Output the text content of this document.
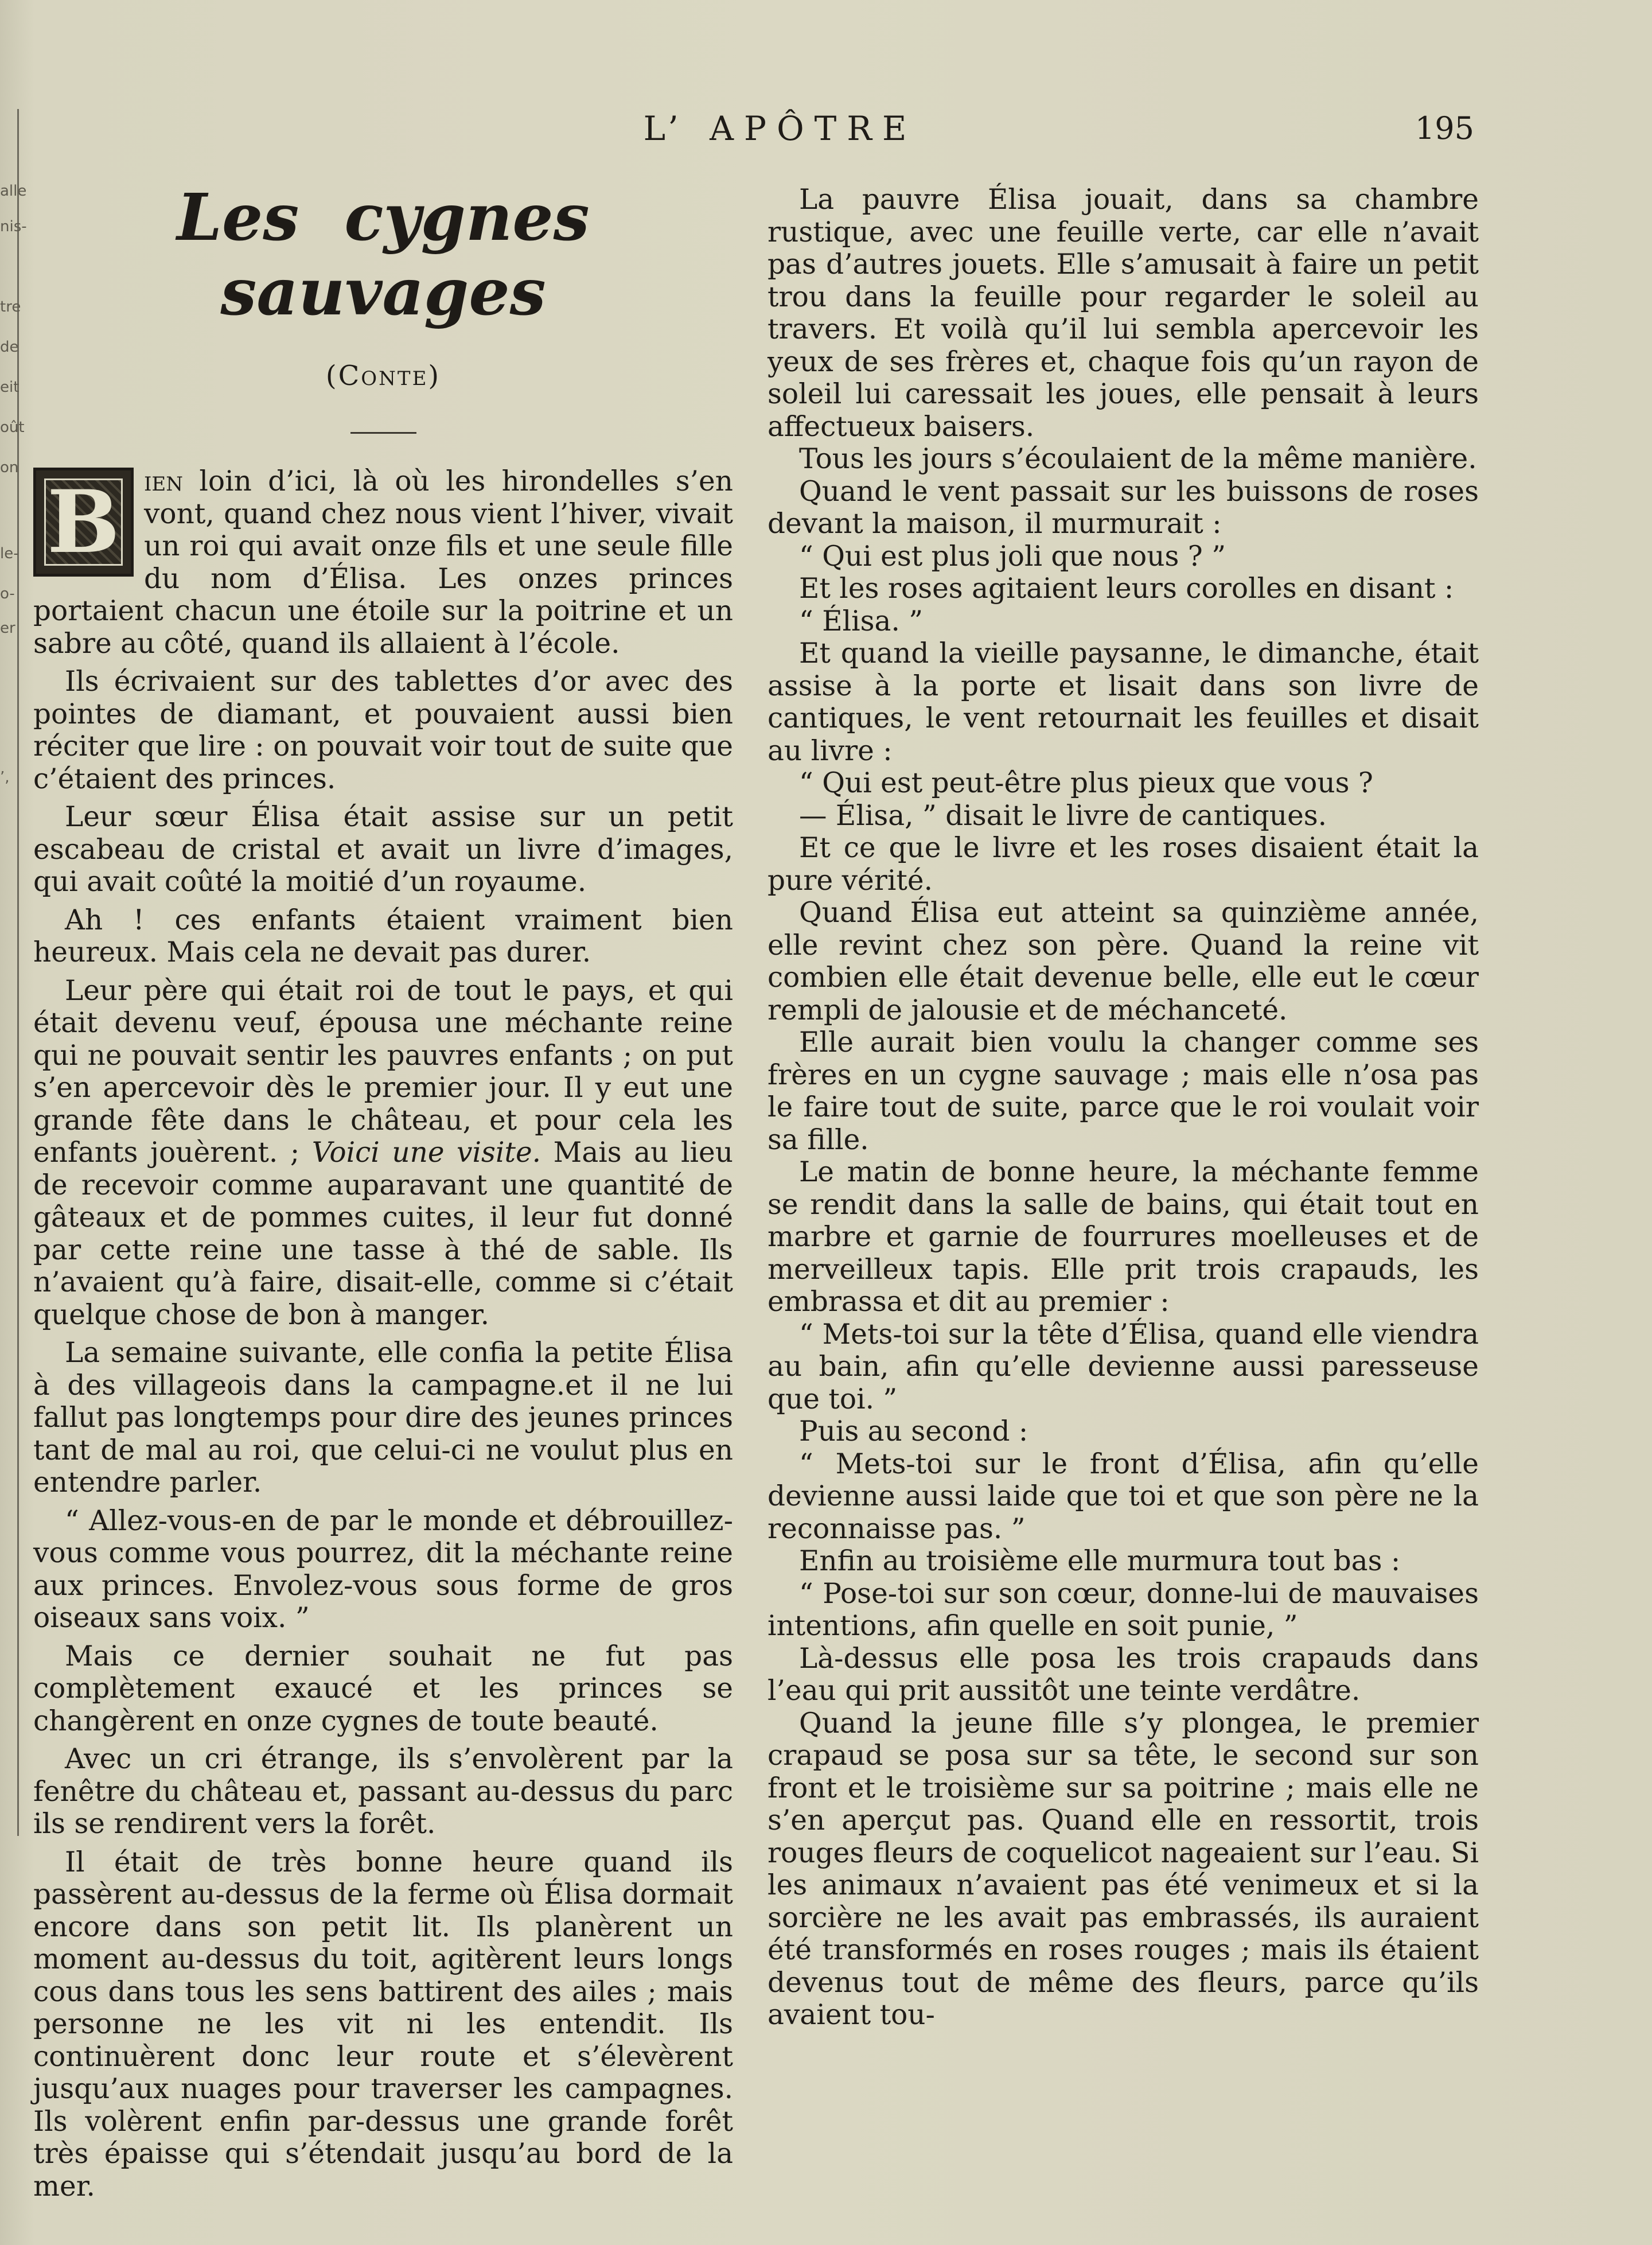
alle
nis-
tre
de
eit
oût
on
le-
o-
er
’,
L’ APÔTRE	195
Les cygnes sauvages
(Conte)

B ien loin d’ici, là où les hirondelles s’en vont, quand chez nous vient l’hiver, vivait un roi qui avait onze fils et une seule fille du nom d’Élisa. Les onzes princes portaient chacun une étoile sur la poitrine et un sabre au côté, quand ils allaient à l’école.

Ils écrivaient sur des tablettes d’or avec des pointes de diamant, et pouvaient aussi bien réciter que lire : on pouvait voir tout de suite que c’étaient des princes.

Leur sœur Élisa était assise sur un petit escabeau de cristal et avait un livre d’images, qui avait coûté la moitié d’un royaume.

Ah ! ces enfants étaient vraiment bien heureux. Mais cela ne devait pas durer.

Leur père qui était roi de tout le pays, et qui était devenu veuf, épousa une méchante reine qui ne pouvait sentir les pauvres enfants ; on put s’en apercevoir dès le premier jour. Il y eut une grande fête dans le château, et pour cela les enfants jouèrent. ; Voici une visite. Mais au lieu de recevoir comme auparavant une quantité de gâteaux et de pommes cuites, il leur fut donné par cette reine une tasse à thé de sable. Ils n’avaient qu’à faire, disait-elle, comme si c’était quelque chose de bon à manger.

La semaine suivante, elle confia la petite Élisa à des villageois dans la campagne.et il ne lui fallut pas longtemps pour dire des jeunes princes tant de mal au roi, que celui-ci ne voulut plus en entendre parler.

“ Allez-vous-en de par le monde et débrouillez-vous comme vous pourrez, dit la méchante reine aux princes. Envolez-vous sous forme de gros oiseaux sans voix. ”

Mais ce dernier souhait ne fut pas complètement exaucé et les princes se changèrent en onze cygnes de toute beauté.

Avec un cri étrange, ils s’envolèrent par la fenêtre du château et, passant au-dessus du parc ils se rendirent vers la forêt.

Il était de très bonne heure quand ils passèrent au-dessus de la ferme où Élisa dormait encore dans son petit lit. Ils planèrent un moment au-dessus du toit, agitèrent leurs longs cous dans tous les sens battirent des ailes ; mais personne ne les vit ni les entendit. Ils continuèrent donc leur route et s’élevèrent jusqu’aux nuages pour traverser les campagnes. Ils volèrent enfin par-dessus une grande forêt très épaisse qui s’étendait jusqu’au bord de la mer.

La pauvre Élisa jouait, dans sa chambre rustique, avec une feuille verte, car elle n’avait pas d’autres jouets. Elle s’amusait à faire un petit trou dans la feuille pour regarder le soleil au travers. Et voilà qu’il lui sembla apercevoir les yeux de ses frères et, chaque fois qu’un rayon de soleil lui caressait les joues, elle pensait à leurs affectueux baisers.

Tous les jours s’écoulaient de la même manière.

Quand le vent passait sur les buissons de roses devant la maison, il murmurait :

“ Qui est plus joli que nous ? ”

Et les roses agitaient leurs corolles en disant :

“ Élisa. ”

Et quand la vieille paysanne, le dimanche, était assise à la porte et lisait dans son livre de cantiques, le vent retournait les feuilles et disait au livre :

“ Qui est peut-être plus pieux que vous ?

— Élisa, ” disait le livre de cantiques.

Et ce que le livre et les roses disaient était la pure vérité.

Quand Élisa eut atteint sa quinzième année, elle revint chez son père. Quand la reine vit combien elle était devenue belle, elle eut le cœur rempli de jalousie et de méchanceté.

Elle aurait bien voulu la changer comme ses frères en un cygne sauvage ; mais elle n’osa pas le faire tout de suite, parce que le roi voulait voir sa fille.

Le matin de bonne heure, la méchante femme se rendit dans la salle de bains, qui était tout en marbre et garnie de fourrures moelleuses et de merveilleux tapis. Elle prit trois crapauds, les embrassa et dit au premier :

“ Mets-toi sur la tête d’Élisa, quand elle viendra au bain, afin qu’elle devienne aussi paresseuse que toi. ”

Puis au second :

“ Mets-toi sur le front d’Élisa, afin qu’elle devienne aussi laide que toi et que son père ne la reconnaisse pas. ”

Enfin au troisième elle murmura tout bas :

“ Pose-toi sur son cœur, donne-lui de mauvaises intentions, afin quelle en soit punie, ”

Là-dessus elle posa les trois crapauds dans l’eau qui prit aussitôt une teinte verdâtre.

Quand la jeune fille s’y plongea, le premier crapaud se posa sur sa tête, le second sur son front et le troisième sur sa poitrine ; mais elle ne s’en aperçut pas. Quand elle en ressortit, trois rouges fleurs de coquelicot nageaient sur l’eau. Si les animaux n’avaient pas été venimeux et si la sorcière ne les avait pas embrassés, ils auraient été transformés en roses rouges ; mais ils étaient devenus tout de même des fleurs, parce qu’ils avaient tou-
